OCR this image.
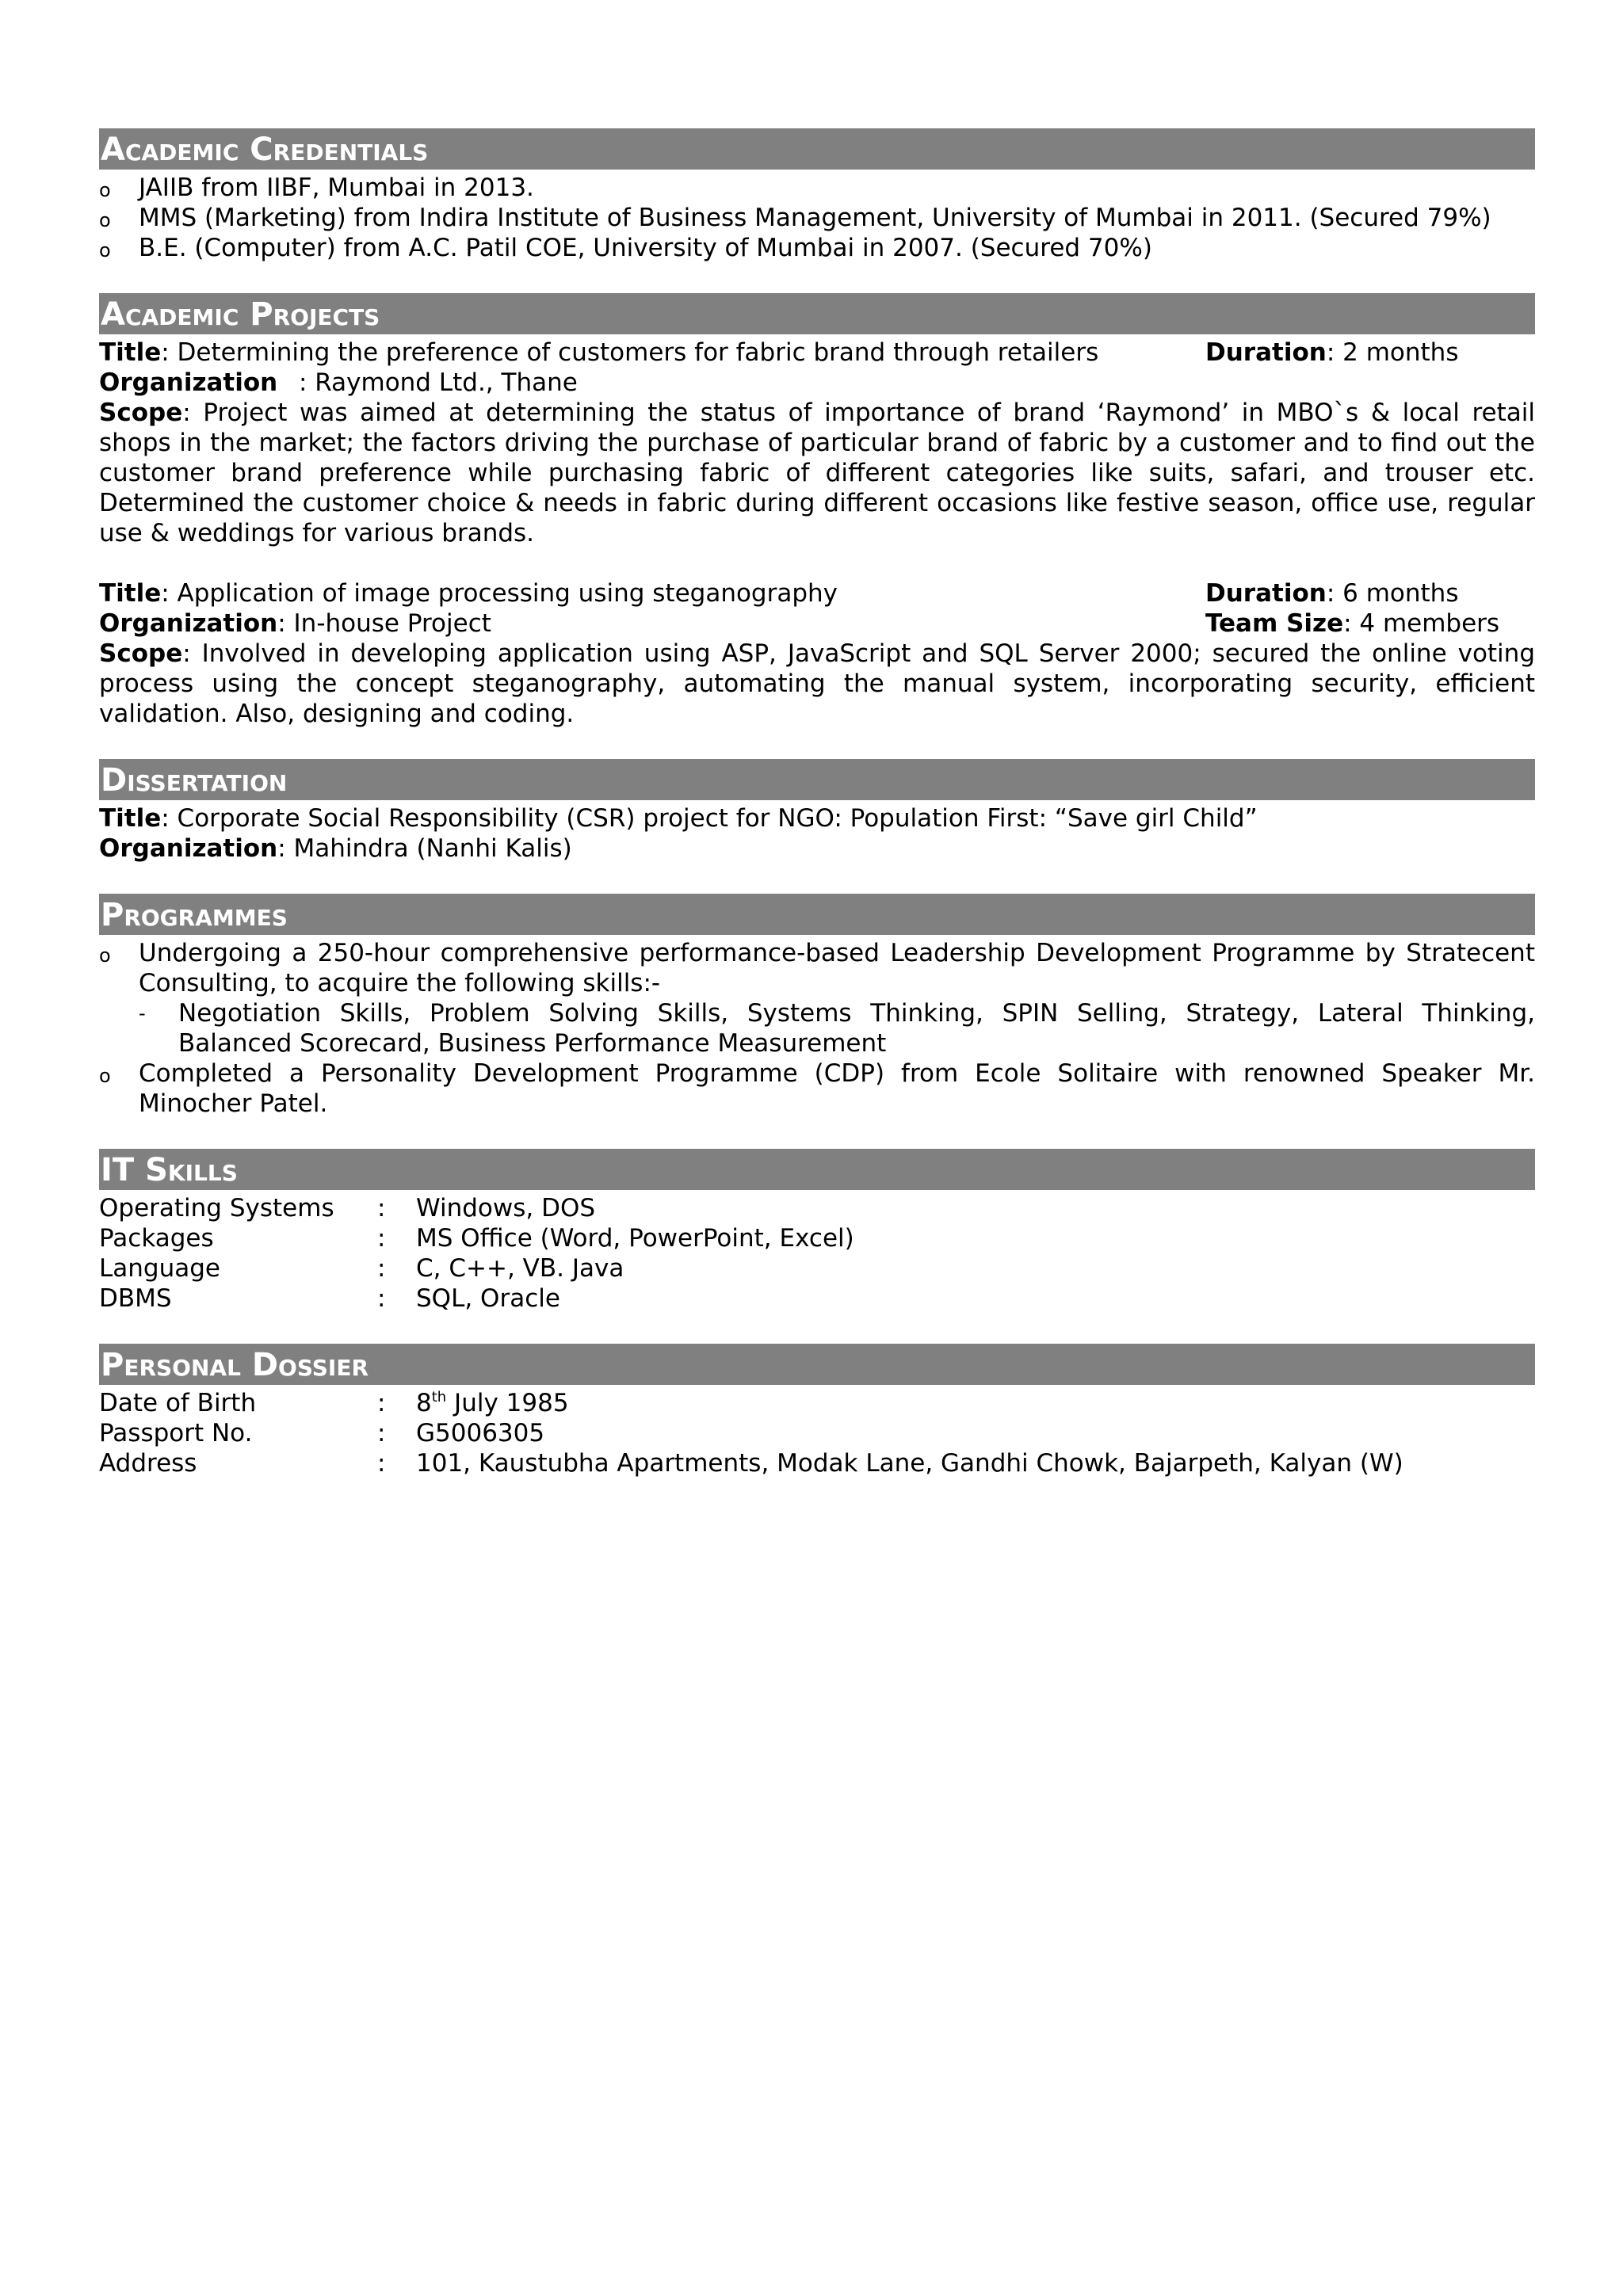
Academic Credentials
o JAIIB from IIBF, Mumbai in 2013.
o MMS (Marketing) from Indira Institute of Business Management, University of Mumbai in 2011. (Secured 79%)
o B.E. (Computer) from A.C. Patil COE, University of Mumbai in 2007. (Secured 70%)
Academic Projects
Title: Determining the preference of customers for fabric brand through retailers	Duration: 2 months
Organization : Raymond Ltd., Thane
Scope: Project was aimed at determining the status of importance of brand ‘Raymond’ in MBO`s & local retail shops in the market; the factors driving the purchase of particular brand of fabric by a customer and to find out the customer brand preference while purchasing fabric of different categories like suits, safari, and trouser etc. Determined the customer choice & needs in fabric during different occasions like festive season, office use, regular use & weddings for various brands.
Title: Application of image processing using steganography	Duration: 6 months
Organization: In-house Project	Team Size: 4 members
Scope: Involved in developing application using ASP, JavaScript and SQL Server 2000; secured the online voting process using the concept steganography, automating the manual system, incorporating security, efficient validation. Also, designing and coding.
Dissertation
Title: Corporate Social Responsibility (CSR) project for NGO: Population First: “Save girl Child”
Organization: Mahindra (Nanhi Kalis)
Programmes
o Undergoing a 250-hour comprehensive performance-based Leadership Development Programme by Stratecent Consulting, to acquire the following skills:-
- Negotiation Skills, Problem Solving Skills, Systems Thinking, SPIN Selling, Strategy, Lateral Thinking, Balanced Scorecard, Business Performance Measurement
o Completed a Personality Development Programme (CDP) from Ecole Solitaire with renowned Speaker Mr. Minocher Patel.
IT Skills
Operating Systems : Windows, DOS
Packages	: MS Office (Word, PowerPoint, Excel)
Language	: C, C++, VB. Java
DBMS	: SQL, Oracle
Personal Dossier
Date of Birth	: 8th July 1985
Passport No.	: G5006305
Address	: 101, Kaustubha Apartments, Modak Lane, Gandhi Chowk, Bajarpeth, Kalyan (W)
